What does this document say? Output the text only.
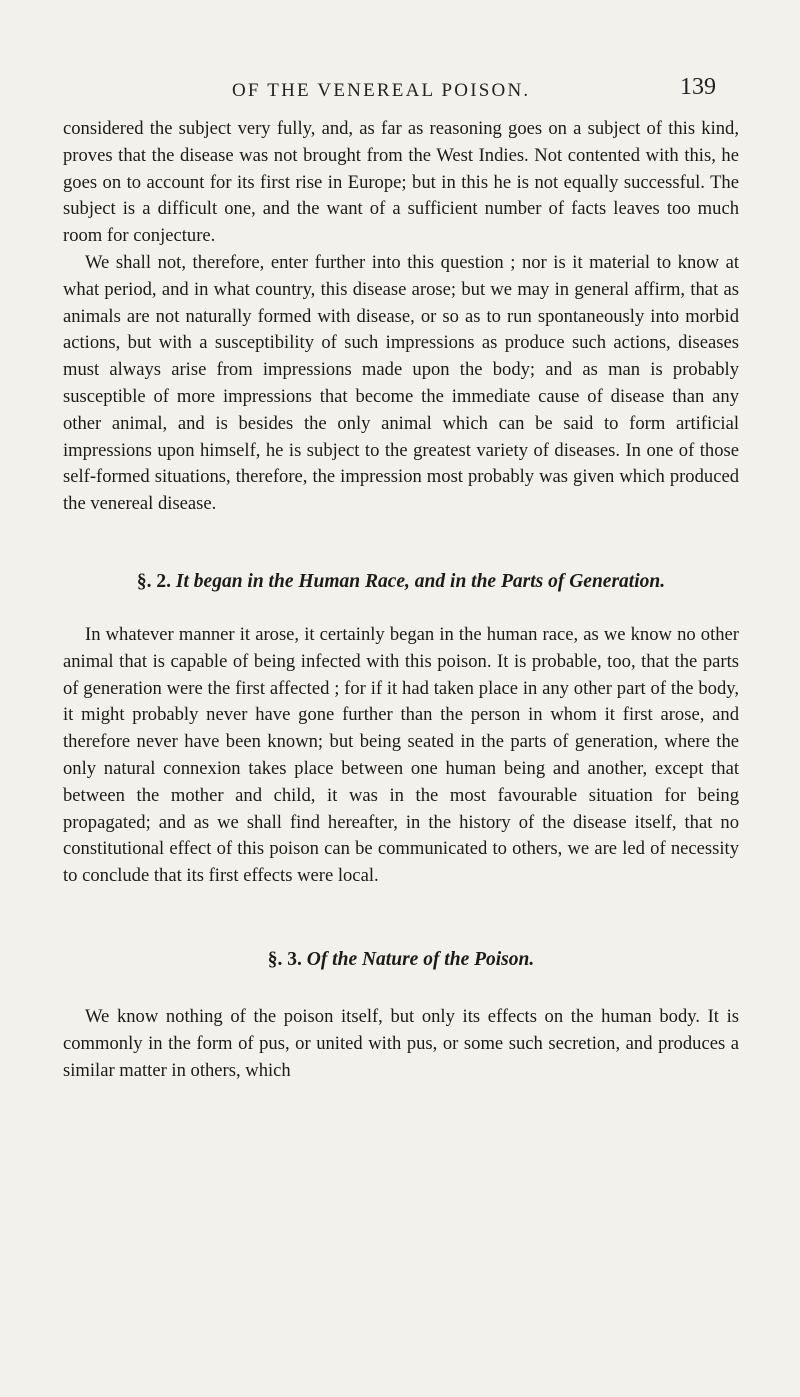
OF THE VENEREAL POISON.	139

considered the subject very fully, and, as far as reasoning goes on a subject of this kind, proves that the disease was not brought from the West Indies. Not contented with this, he goes on to account for its first rise in Europe; but in this he is not equally successful. The subject is a difficult one, and the want of a sufficient number of facts leaves too much room for conjecture.

We shall not, therefore, enter further into this question ; nor is it material to know at what period, and in what country, this disease arose; but we may in general affirm, that as animals are not naturally formed with disease, or so as to run spontaneously into morbid actions, but with a susceptibility of such impressions as produce such actions, diseases must always arise from impressions made upon the body; and as man is probably susceptible of more impressions that become the immediate cause of disease than any other animal, and is besides the only animal which can be said to form artificial impressions upon himself, he is subject to the greatest variety of diseases. In one of those self-formed situations, therefore, the impression most probably was given which produced the venereal disease.

§. 2. It began in the Human Race, and in the Parts of Generation.

In whatever manner it arose, it certainly began in the human race, as we know no other animal that is capable of being infected with this poison. It is probable, too, that the parts of generation were the first affected ; for if it had taken place in any other part of the body, it might probably never have gone further than the person in whom it first arose, and therefore never have been known; but being seated in the parts of generation, where the only natural connexion takes place between one human being and another, except that between the mother and child, it was in the most favourable situation for being propagated; and as we shall find hereafter, in the history of the disease itself, that no constitutional effect of this poison can be communicated to others, we are led of necessity to conclude that its first effects were local.

§. 3. Of the Nature of the Poison.

We know nothing of the poison itself, but only its effects on the human body. It is commonly in the form of pus, or united with pus, or some such secretion, and produces a similar matter in others, which
